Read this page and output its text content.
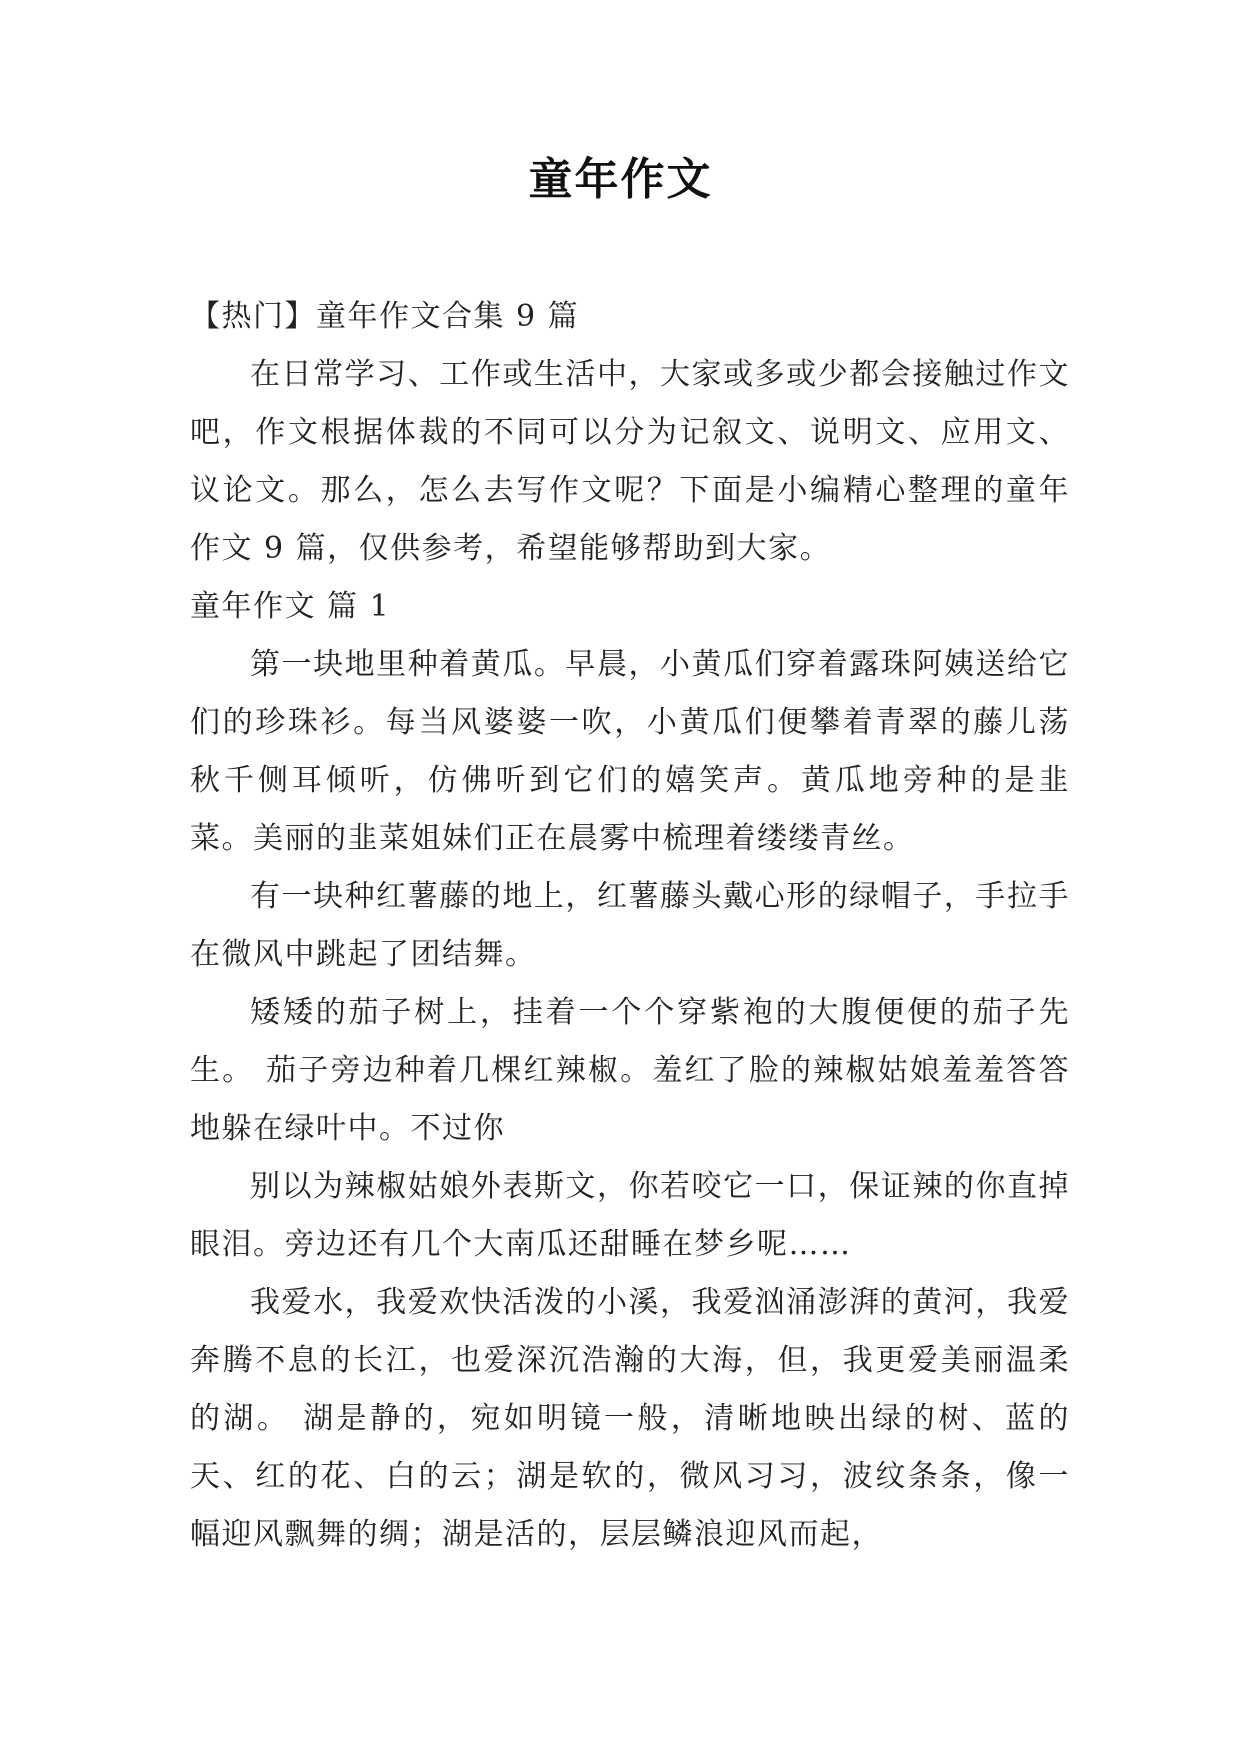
童年作文
【热门】童年作文合集 9 篇
在日常学习、工作或生活中，大家或多或少都会接触过作文吧，作文根据体裁的不同可以分为记叙文、说明文、应用文、议论文。那么，怎么去写作文呢？下面是小编精心整理的童年作文 9 篇，仅供参考，希望能够帮助到大家。
童年作文 篇 1
第一块地里种着黄瓜。早晨，小黄瓜们穿着露珠阿姨送给它们的珍珠衫。每当风婆婆一吹，小黄瓜们便攀着青翠的藤儿荡秋千侧耳倾听，仿佛听到它们的嬉笑声。黄瓜地旁种的是韭菜。美丽的韭菜姐妹们正在晨雾中梳理着缕缕青丝。
有一块种红薯藤的地上，红薯藤头戴心形的绿帽子，手拉手在微风中跳起了团结舞。
矮矮的茄子树上，挂着一个个穿紫袍的大腹便便的茄子先生。 茄子旁边种着几棵红辣椒。羞红了脸的辣椒姑娘羞羞答答地躲在绿叶中。不过你
别以为辣椒姑娘外表斯文，你若咬它一口，保证辣的你直掉眼泪。旁边还有几个大南瓜还甜睡在梦乡呢……
我爱水，我爱欢快活泼的小溪，我爱汹涌澎湃的黄河，我爱奔腾不息的长江，也爱深沉浩瀚的大海，但，我更爱美丽温柔的湖。 湖是静的，宛如明镜一般，清晰地映出绿的树、蓝的天、红的花、白的云；湖是软的，微风习习，波纹条条，像一幅迎风飘舞的绸；湖是活的，层层鳞浪迎风而起，
